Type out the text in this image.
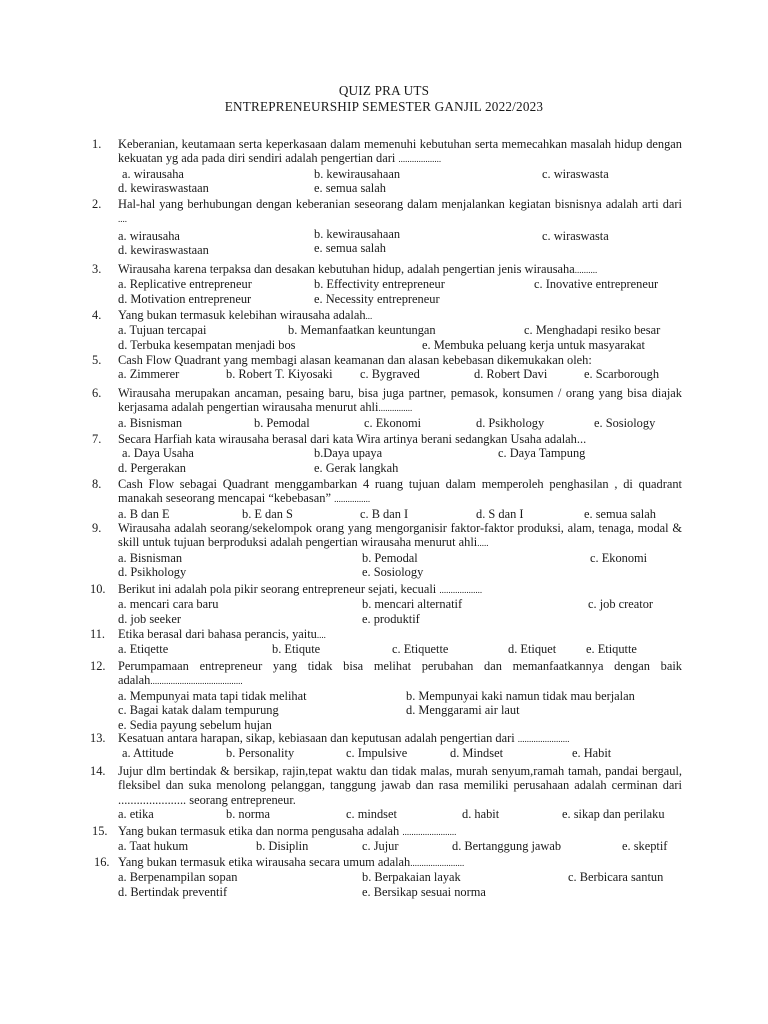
QUIZ PRA UTS
ENTREPRENEURSHIP SEMESTER GANJIL 2022/2023
1. Keberanian, keutamaan serta keperkasaan dalam memenuhi kebutuhan serta memecahkan masalah hidup dengan kekuatan yg ada pada diri sendiri adalah pengertian dari ...................
a. wirausaha	b. kewirausahaan	c. wiraswasta
d. kewiraswastaan	e. semua salah
2. Hal-hal yang berhubungan dengan keberanian seseorang dalam menjalankan kegiatan bisnisnya adalah arti dari ....
a. wirausaha	b. kewirausahaan	c. wiraswasta
d. kewiraswastaan	e. semua salah
3. Wirausaha karena terpaksa dan desakan kebutuhan hidup, adalah pengertian jenis wirausaha..........
a. Replicative entrepreneur	b. Effectivity entrepreneur	c. Inovative entrepreneur
d. Motivation entrepreneur	e. Necessity entrepreneur
4. Yang bukan termasuk kelebihan wirausaha adalah...
a. Tujuan tercapai	b. Memanfaatkan keuntungan	c. Menghadapi resiko besar
d. Terbuka kesempatan menjadi bos	e. Membuka peluang kerja untuk masyarakat
5. Cash Flow Quadrant yang membagi alasan keamanan dan alasan kebebasan dikemukakan oleh:
a. Zimmerer	b. Robert T. Kiyosaki c. Bygraved	d. Robert Davi	e. Scarborough
6. Wirausaha merupakan ancaman, pesaing baru, bisa juga partner, pemasok, konsumen / orang yang bisa diajak kerjasama adalah pengertian wirausaha menurut ahli...............
a. Bisnisman	b. Pemodal	c. Ekonomi	d. Psikhology	e. Sosiology
7. Secara Harfiah kata wirausaha berasal dari kata Wira artinya berani sedangkan Usaha adalah...
a. Daya Usaha	b.Daya upaya	c. Daya Tampung
d. Pergerakan	e. Gerak langkah
8. Cash Flow sebagai Quadrant menggambarkan 4 ruang tujuan dalam memperoleh penghasilan , di quadrant manakah seseorang mencapai “kebebasan” ................
a. B dan E	b. E dan S	c. B dan I	d. S dan I	e. semua salah
9. Wirausaha adalah seorang/sekelompok orang yang mengorganisir faktor-faktor produksi, alam, tenaga, modal & skill untuk tujuan berproduksi adalah pengertian wirausaha menurut ahli.....
a. Bisnisman	b. Pemodal	c. Ekonomi
d. Psikhology	e. Sosiology
10. Berikut ini adalah pola pikir seorang entrepreneur sejati, kecuali ...................
a. mencari cara baru	b. mencari alternatif	c. job creator
d. job seeker	e. produktif
11. Etika berasal dari bahasa perancis, yaitu....
a. Etiqette	b. Etiqute	c. Etiquette	d. Etiquet e. Etiqutte
12. Perumpamaan entrepreneur yang tidak bisa melihat perubahan dan memanfaatkannya dengan baik adalah.........................................
a. Mempunyai mata tapi tidak melihat	b. Mempunyai kaki namun tidak mau berjalan
c. Bagai katak dalam tempurung	d. Menggarami air laut
e. Sedia payung sebelum hujan
13. Kesatuan antara harapan, sikap, kebiasaan dan keputusan adalah pengertian dari .......................
a. Attitude	b. Personality	c. Impulsive	d. Mindset	e. Habit
14. Jujur dlm bertindak & bersikap, rajin,tepat waktu dan tidak malas, murah senyum,ramah tamah, pandai bergaul, fleksibel dan suka menolong pelanggan, tanggung jawab dan rasa memiliki perusahaan adalah cerminan dari ...................... seorang entrepreneur.
a. etika	b. norma	c. mindset	d. habit	e. sikap dan perilaku
15. Yang bukan termasuk etika dan norma pengusaha adalah ........................
a. Taat hukum	b. Disiplin	c. Jujur	d. Bertanggung jawab	e. skeptif
16. Yang bukan termasuk etika wirausaha secara umum adalah........................
a. Berpenampilan sopan	b. Berpakaian layak	c. Berbicara santun
d. Bertindak preventif	e. Bersikap sesuai norma
